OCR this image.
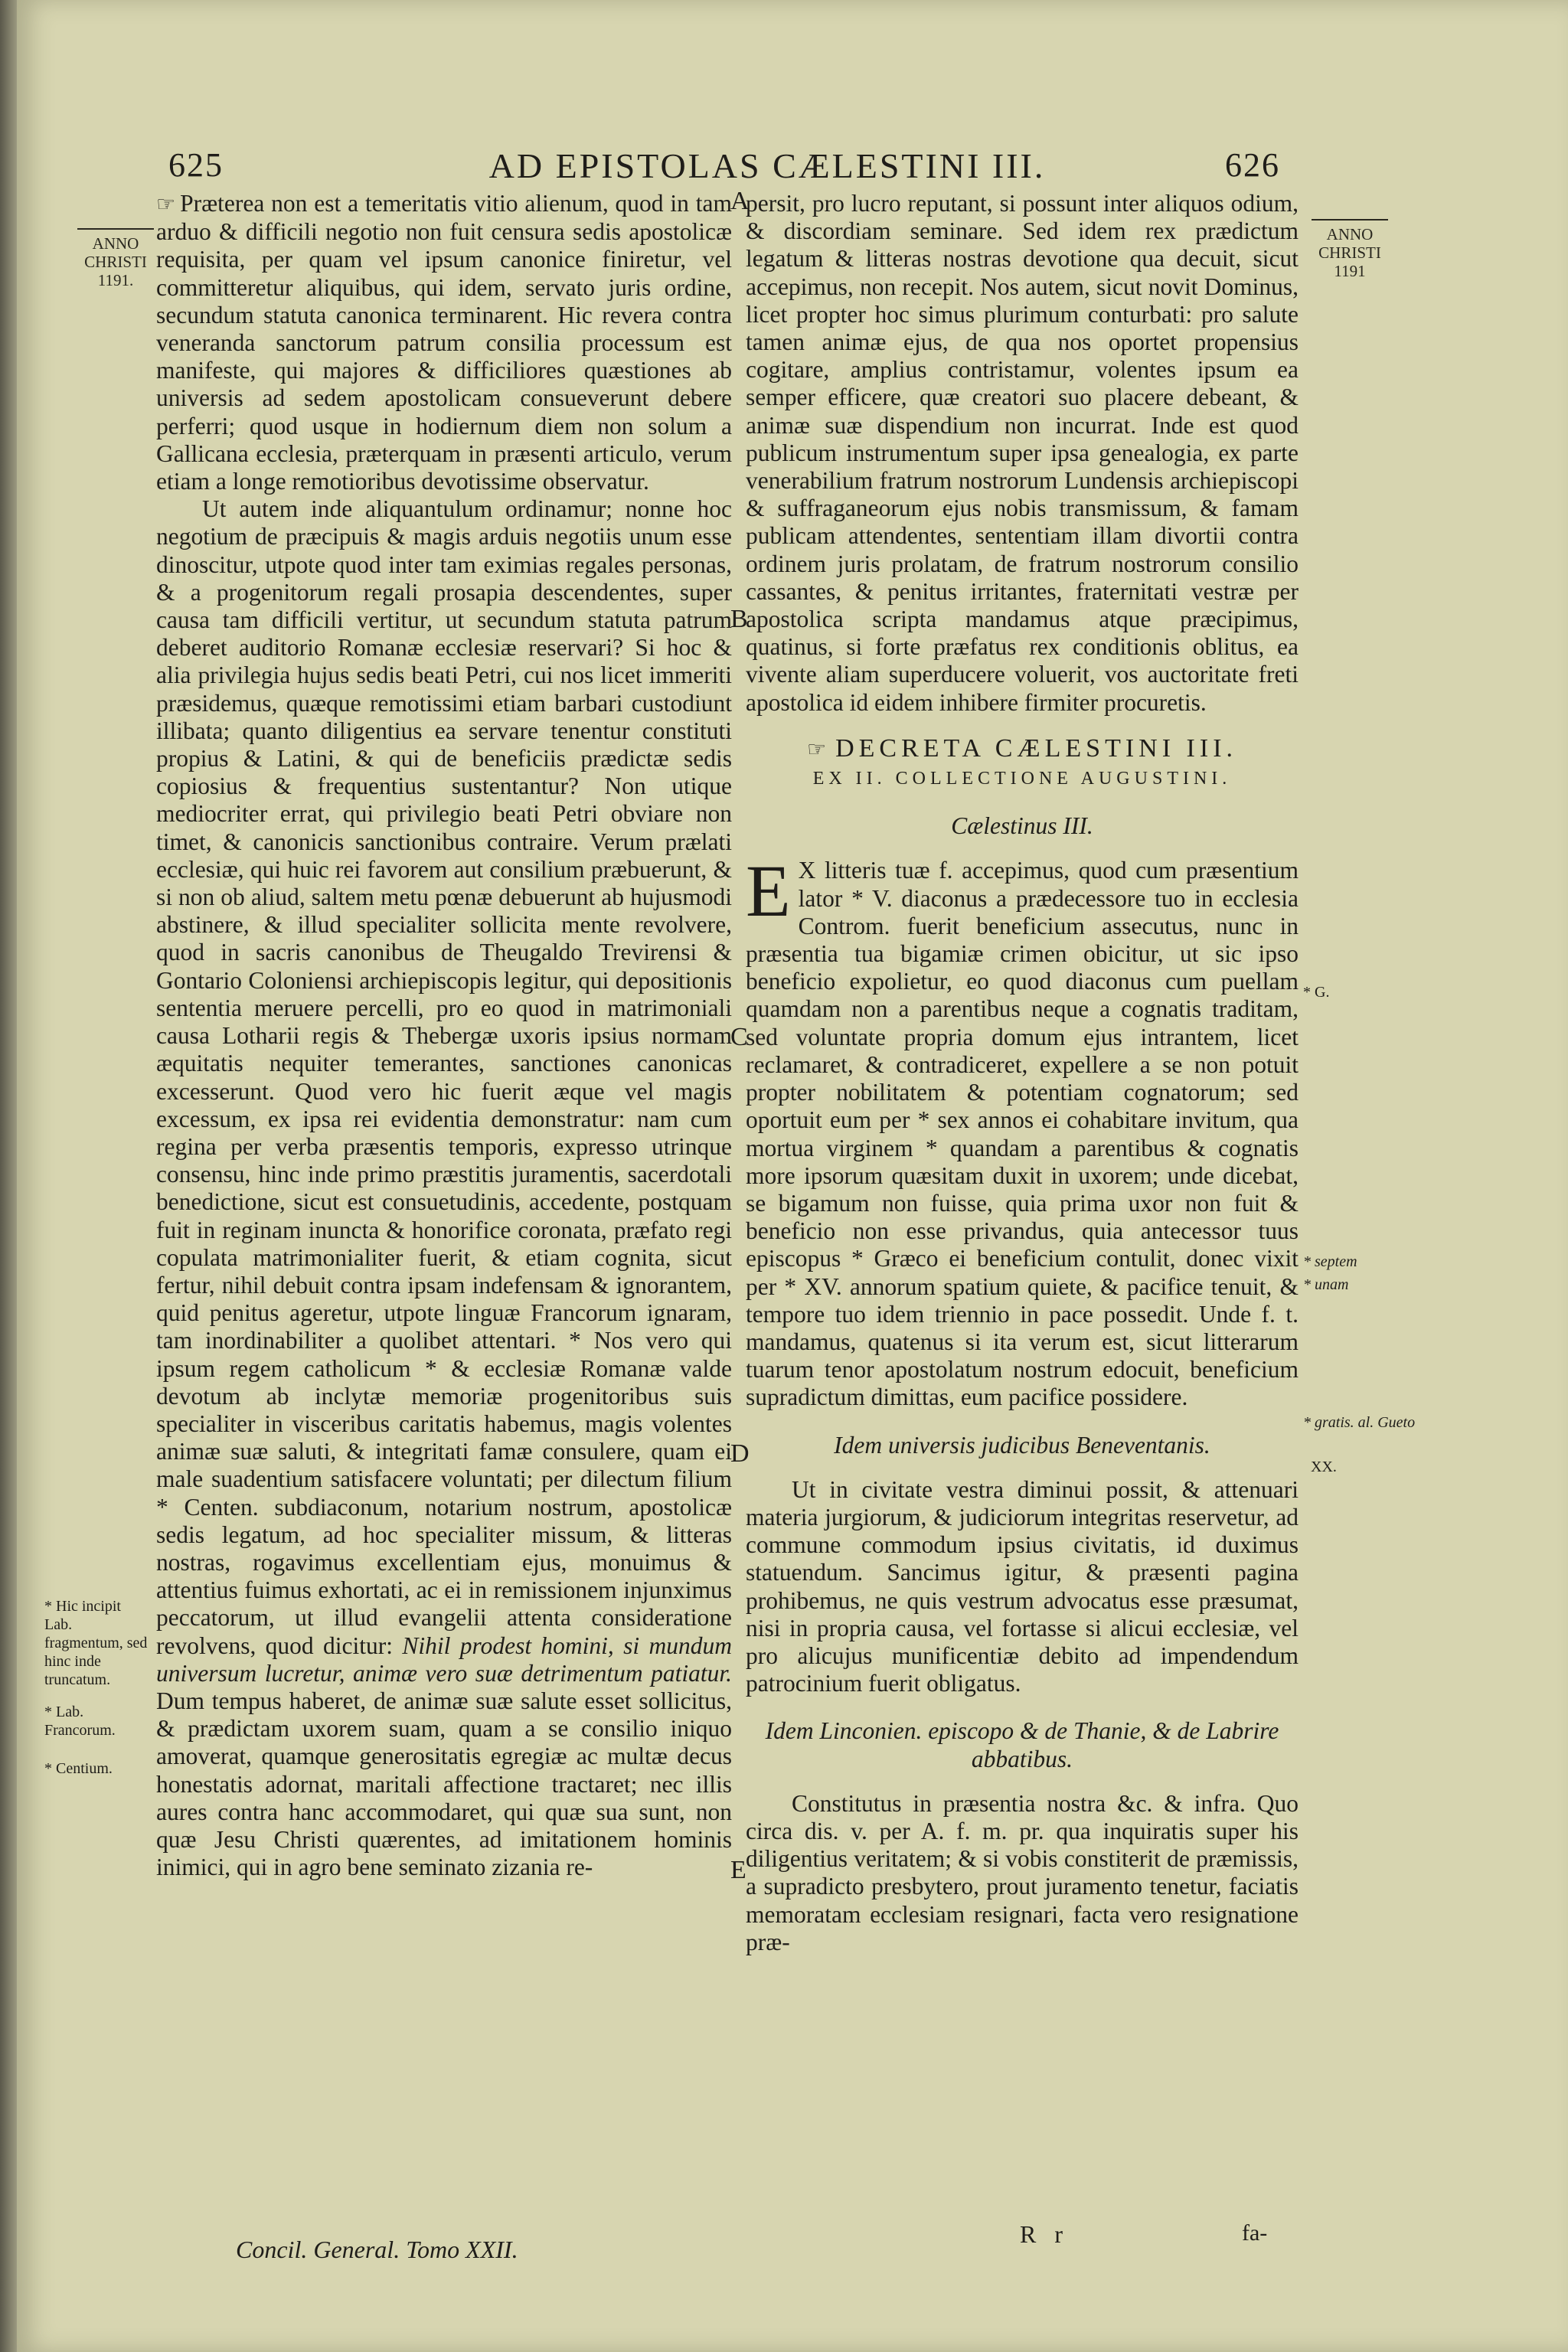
625	AD EPISTOLAS CÆLESTINI III.	626
ANNO CHRISTI 1191.
ANNO CHRISTI 1191
A
B
C
D
E
* Hic incipit Lab. fragmentum, sed hinc inde truncatum.
* Lab. Francorum.
* Centium.
* G.
* septem
* unam
* gratis. al. Gueto
XX.

☞ Præterea non est a temeritatis vitio alienum, quod in tam arduo & difficili negotio non fuit censura sedis apostolicæ requisita, per quam vel ipsum canonice finiretur, vel committeretur aliquibus, qui idem, servato juris ordine, secundum statuta canonica terminarent. Hic revera contra veneranda sanctorum patrum consilia processum est manifeste, qui majores & difficiliores quæstiones ab universis ad sedem apostolicam consueverunt debere perferri; quod usque in hodiernum diem non solum a Gallicana ecclesia, præterquam in præsenti articulo, verum etiam a longe remotioribus devotissime observatur.

Ut autem inde aliquantulum ordinamur; nonne hoc negotium de præcipuis & magis arduis negotiis unum esse dinoscitur, utpote quod inter tam eximias regales personas, & a progenitorum regali prosapia descendentes, super causa tam difficili vertitur, ut secundum statuta patrum deberet auditorio Romanæ ecclesiæ reservari? Si hoc & alia privilegia hujus sedis beati Petri, cui nos licet immeriti præsidemus, quæque remotissimi etiam barbari custodiunt illibata; quanto diligentius ea servare tenentur constituti propius & Latini, & qui de beneficiis prædictæ sedis copiosius & frequentius sustentantur? Non utique mediocriter errat, qui privilegio beati Petri obviare non timet, & canonicis sanctionibus contraire. Verum prælati ecclesiæ, qui huic rei favorem aut consilium præbuerunt, & si non ob aliud, saltem metu pœnæ debuerunt ab hujusmodi abstinere, & illud specialiter sollicita mente revolvere, quod in sacris canonibus de Theugaldo Trevirensi & Gontario Coloniensi archiepiscopis legitur, qui depositionis sententia meruere percelli, pro eo quod in matrimoniali causa Lotharii regis & Thebergæ uxoris ipsius normam æquitatis nequiter temerantes, sanctiones canonicas excesserunt. Quod vero hic fuerit æque vel magis excessum, ex ipsa rei evidentia demonstratur: nam cum regina per verba præsentis temporis, expresso utrinque consensu, hinc inde primo præstitis juramentis, sacerdotali benedictione, sicut est consuetudinis, accedente, postquam fuit in reginam inuncta & honorifice coronata, præfato regi copulata matrimonialiter fuerit, & etiam cognita, sicut fertur, nihil debuit contra ipsam indefensam & ignorantem, quid penitus ageretur, utpote linguæ Francorum ignaram, tam inordinabiliter a quolibet attentari. * Nos vero qui ipsum regem catholicum * & ecclesiæ Romanæ valde devotum ab inclytæ memoriæ progenitoribus suis specialiter in visceribus caritatis habemus, magis volentes animæ suæ saluti, & integritati famæ consulere, quam ei male suadentium satisfacere voluntati; per dilectum filium * Centen. subdiaconum, notarium nostrum, apostolicæ sedis legatum, ad hoc specialiter missum, & litteras nostras, rogavimus excellentiam ejus, monuimus & attentius fuimus exhortati, ac ei in remissionem injunximus peccatorum, ut illud evangelii attenta consideratione revolvens, quod dicitur: Nihil prodest homini, si mundum universum lucretur, animæ vero suæ detrimentum patiatur. Dum tempus haberet, de animæ suæ salute esset sollicitus, & prædictam uxorem suam, quam a se consilio iniquo amoverat, quamque generositatis egregiæ ac multæ decus honestatis adornat, maritali affectione tractaret; nec illis aures contra hanc accommodaret, qui quæ sua sunt, non quæ Jesu Christi quærentes, ad imitationem hominis inimici, qui in agro bene seminato zizania re-

persit, pro lucro reputant, si possunt inter aliquos odium, & discordiam seminare. Sed idem rex prædictum legatum & litteras nostras devotione qua decuit, sicut accepimus, non recepit. Nos autem, sicut novit Dominus, licet propter hoc simus plurimum conturbati: pro salute tamen animæ ejus, de qua nos oportet propensius cogitare, amplius contristamur, volentes ipsum ea semper efficere, quæ creatori suo placere debeant, & animæ suæ dispendium non incurrat. Inde est quod publicum instrumentum super ipsa genealogia, ex parte venerabilium fratrum nostrorum Lundensis archiepiscopi & suffraganeorum ejus nobis transmissum, & famam publicam attendentes, sententiam illam divortii contra ordinem juris prolatam, de fratrum nostrorum consilio cassantes, & penitus irritantes, fraternitati vestræ per apostolica scripta mandamus atque præcipimus, quatinus, si forte præfatus rex conditionis oblitus, ea vivente aliam superducere voluerit, vos auctoritate freti apostolica id eidem inhibere firmiter procuretis.

☞ DECRETA CÆLESTINI III.
EX II. COLLECTIONE AUGUSTINI.
Cælestinus III.

E X litteris tuæ f. accepimus, quod cum præsentium lator * V. diaconus a prædecessore tuo in ecclesia Controm. fuerit beneficium assecutus, nunc in præsentia tua bigamiæ crimen obicitur, ut sic ipso beneficio expolietur, eo quod diaconus cum puellam quamdam non a parentibus neque a cognatis traditam, sed voluntate propria domum ejus intrantem, licet reclamaret, & contradiceret, expellere a se non potuit propter nobilitatem & potentiam cognatorum; sed oportuit eum per * sex annos ei cohabitare invitum, qua mortua virginem * quandam a parentibus & cognatis more ipsorum quæsitam duxit in uxorem; unde dicebat, se bigamum non fuisse, quia prima uxor non fuit & beneficio non esse privandus, quia antecessor tuus episcopus * Græco ei beneficium contulit, donec vixit per * XV. annorum spatium quiete, & pacifice tenuit, & tempore tuo idem triennio in pace possedit. Unde f. t. mandamus, quatenus si ita verum est, sicut litterarum tuarum tenor apostolatum nostrum edocuit, beneficium supradictum dimittas, eum pacifice possidere.

Idem universis judicibus Beneventanis.

Ut in civitate vestra diminui possit, & attenuari materia jurgiorum, & judiciorum integritas reservetur, ad commune commodum ipsius civitatis, id duximus statuendum. Sancimus igitur, & præsenti pagina prohibemus, ne quis vestrum advocatus esse præsumat, nisi in propria causa, vel fortasse si alicui ecclesiæ, vel pro alicujus munificentiæ debito ad impendendum patrocinium fuerit obligatus.

Idem Linconien. episcopo & de Thanie, & de Labrire abbatibus.

Constitutus in præsentia nostra &c. & infra. Quo circa dis. v. per A. f. m. pr. qua inquiratis super his diligentius veritatem; & si vobis constiterit de præmissis, a supradicto presbytero, prout juramento tenetur, faciatis memoratam ecclesiam resignari, facta vero resignatione præ-

Concil. General. Tomo XXII.
R r	fa-
